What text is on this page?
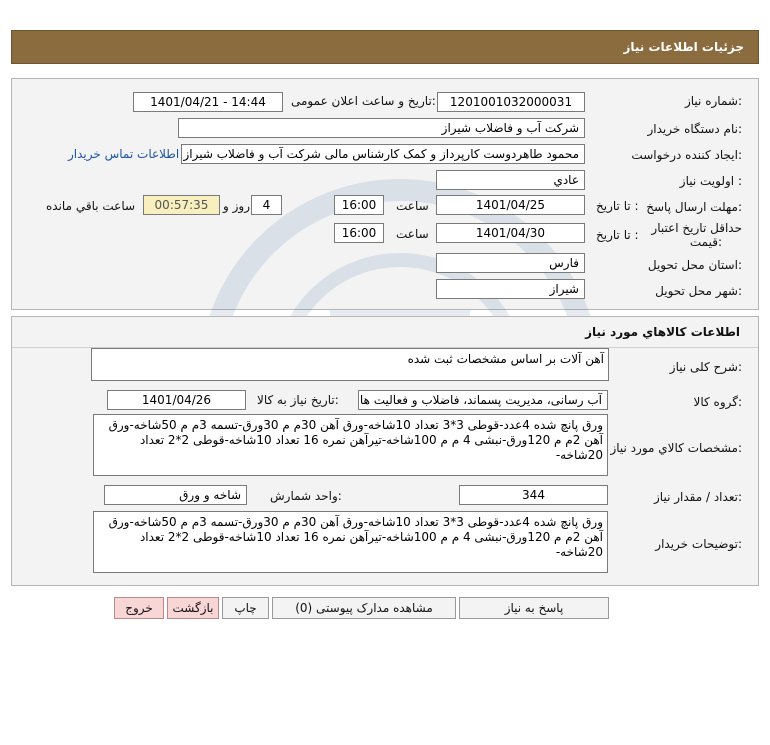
جزئیات اطلاعات نیاز
شماره نیاز:
1201001032000031
تاریخ و ساعت اعلان عمومی:
1401/04/21 - 14:44
نام دستگاه خریدار:
شرکت آب و فاضلاب شیراز
ایجاد کننده درخواست:
محمود طاهردوست کارپرداز و کمک کارشناس مالی شرکت آب و فاضلاب شیراز
اطلاعات تماس خریدار
اولویت نیاز :
عادي
مهلت ارسال پاسخ:
تا تاریخ :
1401/04/25
ساعت
16:00
4
روز و
00:57:35
ساعت باقي مانده
حداقل تاریخ اعتبار
قیمت:
تا تاریخ :
1401/04/30
ساعت
16:00
استان محل تحویل:
فارس
شهر محل تحویل:
شیراز
اطلاعات كالاهاي مورد نياز
شرح کلی نیاز:
آهن آلات بر اساس مشخصات ثبت شده
گروه کالا:
آب رسانی، مدیریت پسماند، فاضلاب و فعالیت ها
تاریخ نیاز به کالا:
1401/04/26
مشخصات كالاي مورد نياز:
ورق پانچ شده 4عدد-قوطی 3*3 تعداد 10شاخه-ورق آهن 30م م 30ورق-تسمه 3م م 50شاخه-ورق آهن 2م م 120ورق-نبشی 4 م م 100شاخه-تیرآهن نمره 16 تعداد 10شاخه-قوطی 2*2 تعداد 20شاخه-
تعداد / مقدار نیاز:
344
واحد شمارش:
شاخه و ورق
توضیحات خریدار:
ورق پانچ شده 4عدد-قوطی 3*3 تعداد 10شاخه-ورق آهن 30م م 30ورق-تسمه 3م م 50شاخه-ورق آهن 2م م 120ورق-نبشی 4 م م 100شاخه-تیرآهن نمره 16 تعداد 10شاخه-قوطی 2*2 تعداد 20شاخه-
پاسخ به نیاز
مشاهده مدارک پیوستی (0)
چاپ
بازگشت
خروج
